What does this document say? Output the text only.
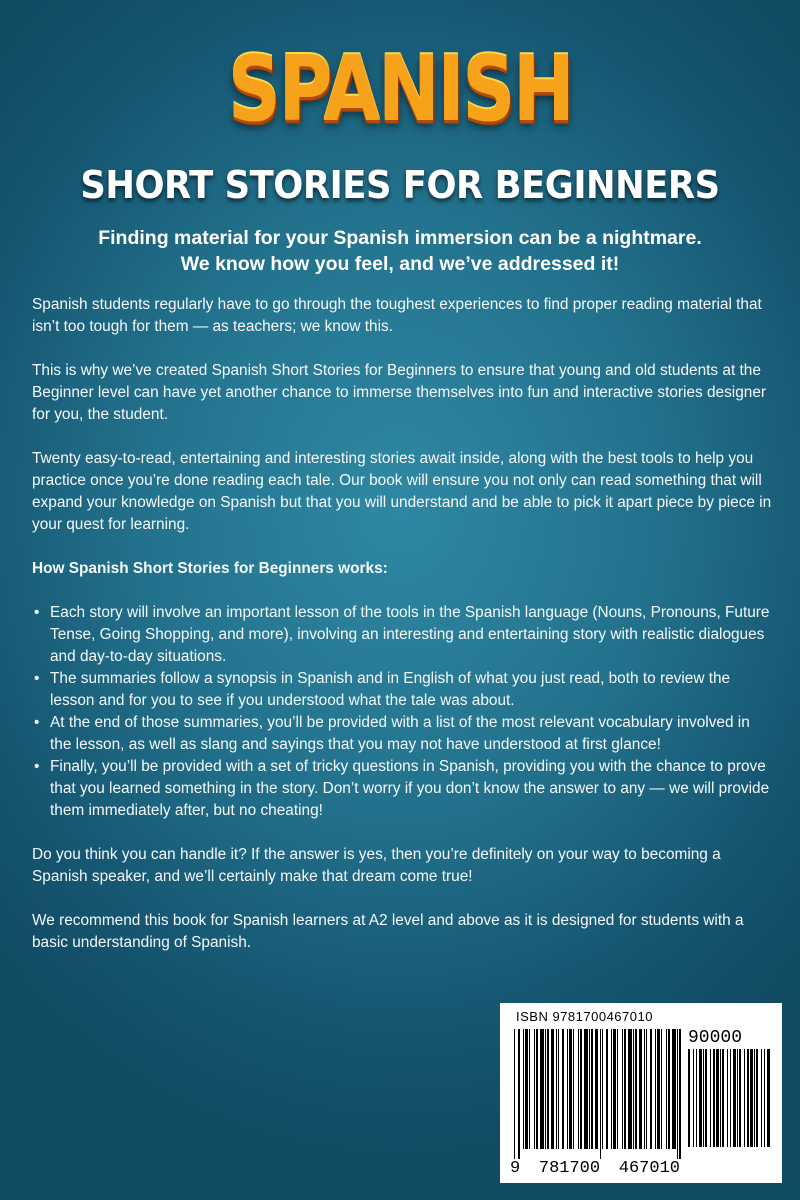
SPANISH
SHORT STORIES FOR BEGINNERS
Finding material for your Spanish immersion can be a nightmare.
We know how you feel, and we’ve addressed it!

Spanish students regularly have to go through the toughest experiences to find proper reading material that isn’t too tough for them — as teachers; we know this.

This is why we’ve created Spanish Short Stories for Beginners to ensure that young and old students at the Beginner level can have yet another chance to immerse themselves into fun and interactive stories designer for you, the student.

Twenty easy-to-read, entertaining and interesting stories await inside, along with the best tools to help you practice once you’re done reading each tale. Our book will ensure you not only can read something that will expand your knowledge on Spanish but that you will understand and be able to pick it apart piece by piece in your quest for learning.

How Spanish Short Stories for Beginners works:
• Each story will involve an important lesson of the tools in the Spanish language (Nouns, Pronouns, Future Tense, Going Shopping, and more), involving an interesting and entertaining story with realistic dialogues and day-to-day situations.
• The summaries follow a synopsis in Spanish and in English of what you just read, both to review the lesson and for you to see if you understood what the tale was about.
• At the end of those summaries, you’ll be provided with a list of the most relevant vocabulary involved in the lesson, as well as slang and sayings that you may not have understood at first glance!
• Finally, you’ll be provided with a set of tricky questions in Spanish, providing you with the chance to prove that you learned something in the story. Don’t worry if you don’t know the answer to any — we will provide them immediately after, but no cheating!

Do you think you can handle it? If the answer is yes, then you’re definitely on your way to becoming a Spanish speaker, and we’ll certainly make that dream come true!

We recommend this book for Spanish learners at A2 level and above as it is designed for students with a basic understanding of Spanish.

ISBN 9781700467010
90000
9 781700 467010
